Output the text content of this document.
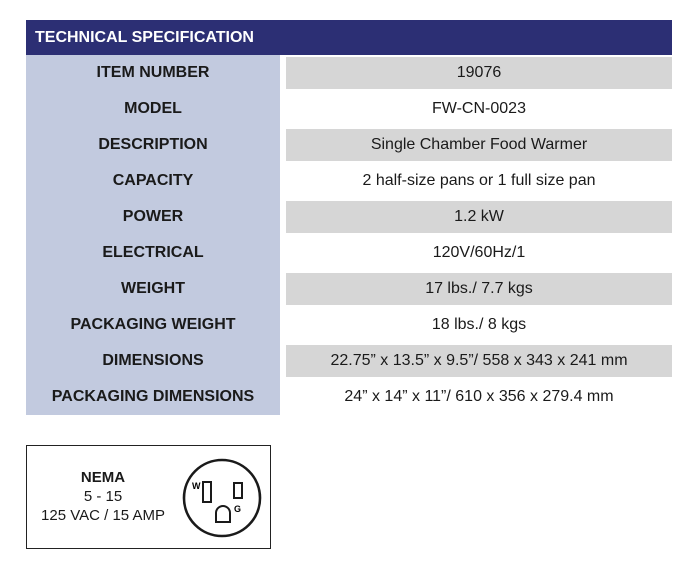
TECHNICAL SPECIFICATION
ITEM NUMBER	19076
MODEL	FW-CN-0023
DESCRIPTION	Single Chamber Food Warmer
CAPACITY	2 half-size pans or 1 full size pan
POWER	1.2 kW
ELECTRICAL	120V/60Hz/1
WEIGHT	17 lbs./ 7.7 kgs
PACKAGING WEIGHT	18 lbs./ 8 kgs
DIMENSIONS	22.75” x 13.5” x 9.5”/ 558 x 343 x 241 mm
PACKAGING DIMENSIONS	24” x 14” x 11”/ 610 x 356 x 279.4 mm
NEMA
5 - 15
125 VAC / 15 AMP
W
G
